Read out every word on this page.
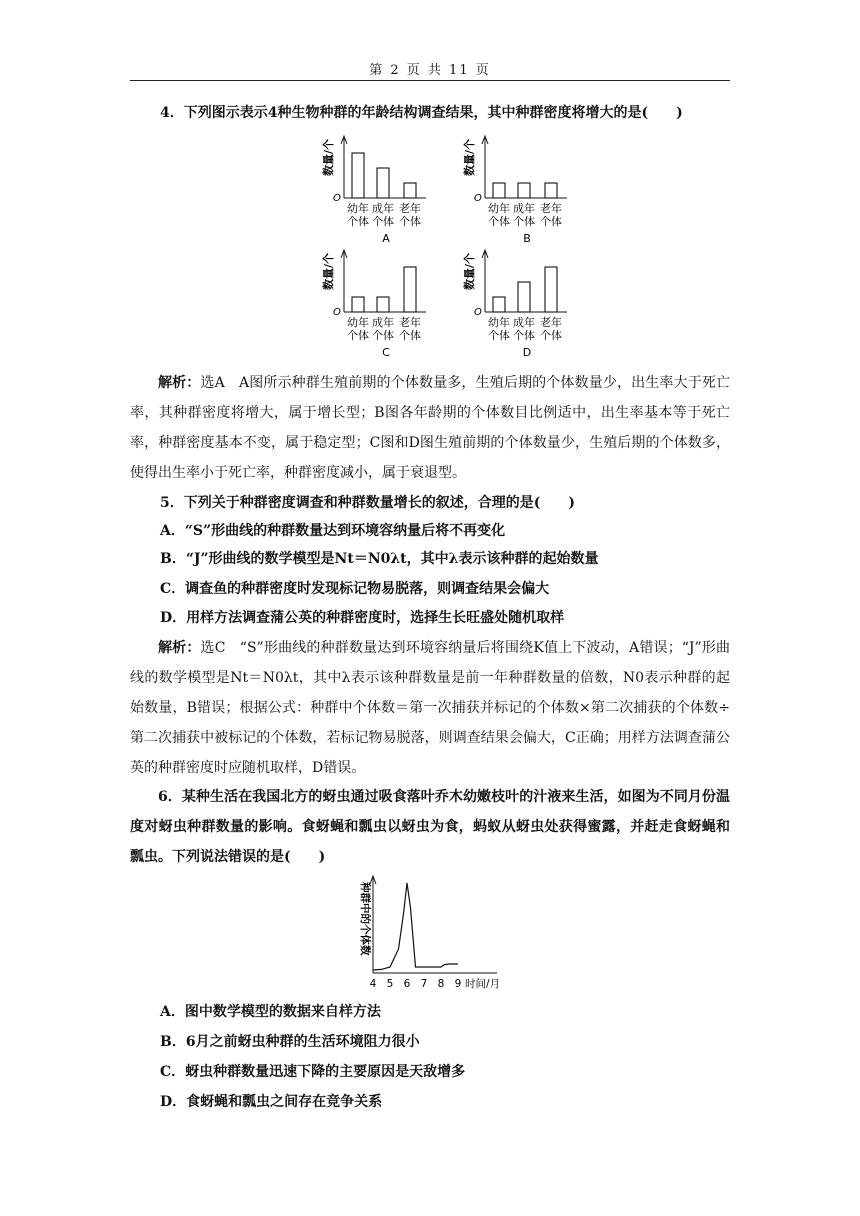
第 2 页 共 11 页
4．下列图示表示4种生物种群的年龄结构调查结果，其中种群密度将增大的是(　　)
O
数量/个
幼年
个体
成年
个体
老年
个体
A
O
数量/个
幼年
个体
成年
个体
老年
个体
B
O
数量/个
幼年
个体
成年
个体
老年
个体
C
O
数量/个
幼年
个体
成年
个体
老年
个体
D
解析：选A　A图所示种群生殖前期的个体数量多，生殖后期的个体数量少，出生率大于死亡率，其种群密度将增大，属于增长型；B图各年龄期的个体数目比例适中，出生率基本等于死亡率，种群密度基本不变，属于稳定型；C图和D图生殖前期的个体数量少，生殖后期的个体数多，使得出生率小于死亡率，种群密度减小，属于衰退型。
5．下列关于种群密度调查和种群数量增长的叙述，合理的是(　　)
A．“S”形曲线的种群数量达到环境容纳量后将不再变化
B．“J”形曲线的数学模型是Nt＝N0λt，其中λ表示该种群的起始数量
C．调查鱼的种群密度时发现标记物易脱落，则调查结果会偏大
D．用样方法调查蒲公英的种群密度时，选择生长旺盛处随机取样
解析：选C　“S”形曲线的种群数量达到环境容纳量后将围绕K值上下波动，A错误；“J”形曲线的数学模型是Nt＝N0λt，其中λ表示该种群数量是前一年种群数量的倍数，N0表示种群的起始数量，B错误；根据公式：种群中个体数＝第一次捕获并标记的个体数×第二次捕获的个体数÷第二次捕获中被标记的个体数，若标记物易脱落，则调查结果会偏大，C正确；用样方法调查蒲公英的种群密度时应随机取样，D错误。
6．某种生活在我国北方的蚜虫通过吸食落叶乔木幼嫩枝叶的汁液来生活，如图为不同月份温度对蚜虫种群数量的影响。食蚜蝇和瓢虫以蚜虫为食，蚂蚁从蚜虫处获得蜜露，并赶走食蚜蝇和瓢虫。下列说法错误的是(　　)
种群中的个体数
4 5 6 7 8 9 时间/月
A．图中数学模型的数据来自样方法
B．6月之前蚜虫种群的生活环境阻力很小
C．蚜虫种群数量迅速下降的主要原因是天敌增多
D．食蚜蝇和瓢虫之间存在竞争关系
